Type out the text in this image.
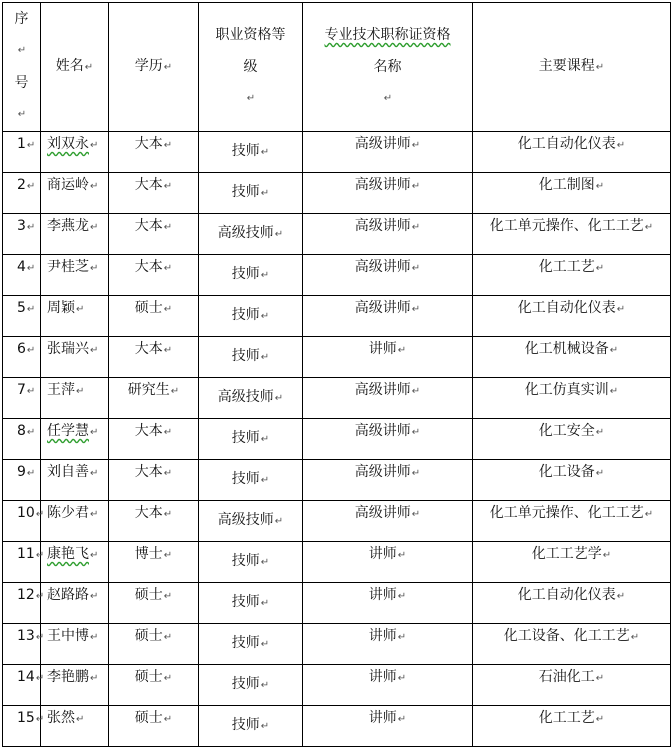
序
↵
号
↵	姓名↵	学历↵	职业资格等
级
↵	专业技术职称证资格
名称
↵	主要课程↵
1↵	刘双永↵	大本↵	技师↵	高级讲师↵	化工自动化仪表↵
2↵	商运岭↵	大本↵	技师↵	高级讲师↵	化工制图↵
3↵	李燕龙↵	大本↵	高级技师↵	高级讲师↵	化工单元操作、化工工艺↵
4↵	尹桂芝↵	大本↵	技师↵	高级讲师↵	化工工艺↵
5↵	周颖↵	硕士↵	技师↵	高级讲师↵	化工自动化仪表↵
6↵	张瑞兴↵	大本↵	技师↵	讲师↵	化工机械设备↵
7↵	王萍↵	研究生↵	高级技师↵	高级讲师↵	化工仿真实训↵
8↵	任学慧↵	大本↵	技师↵	高级讲师↵	化工安全↵
9↵	刘自善↵	大本↵	技师↵	高级讲师↵	化工设备↵
10↵	陈少君↵	大本↵	高级技师↵	高级讲师↵	化工单元操作、化工工艺↵
11↵	康艳飞↵	博士↵	技师↵	讲师↵	化工工艺学↵
12↵	赵路路↵	硕士↵	技师↵	讲师↵	化工自动化仪表↵
13↵	王中博↵	硕士↵	技师↵	讲师↵	化工设备、化工工艺↵
14↵	李艳鹏↵	硕士↵	技师↵	讲师↵	石油化工↵
15↵	张然↵	硕士↵	技师↵	讲师↵	化工工艺↵
